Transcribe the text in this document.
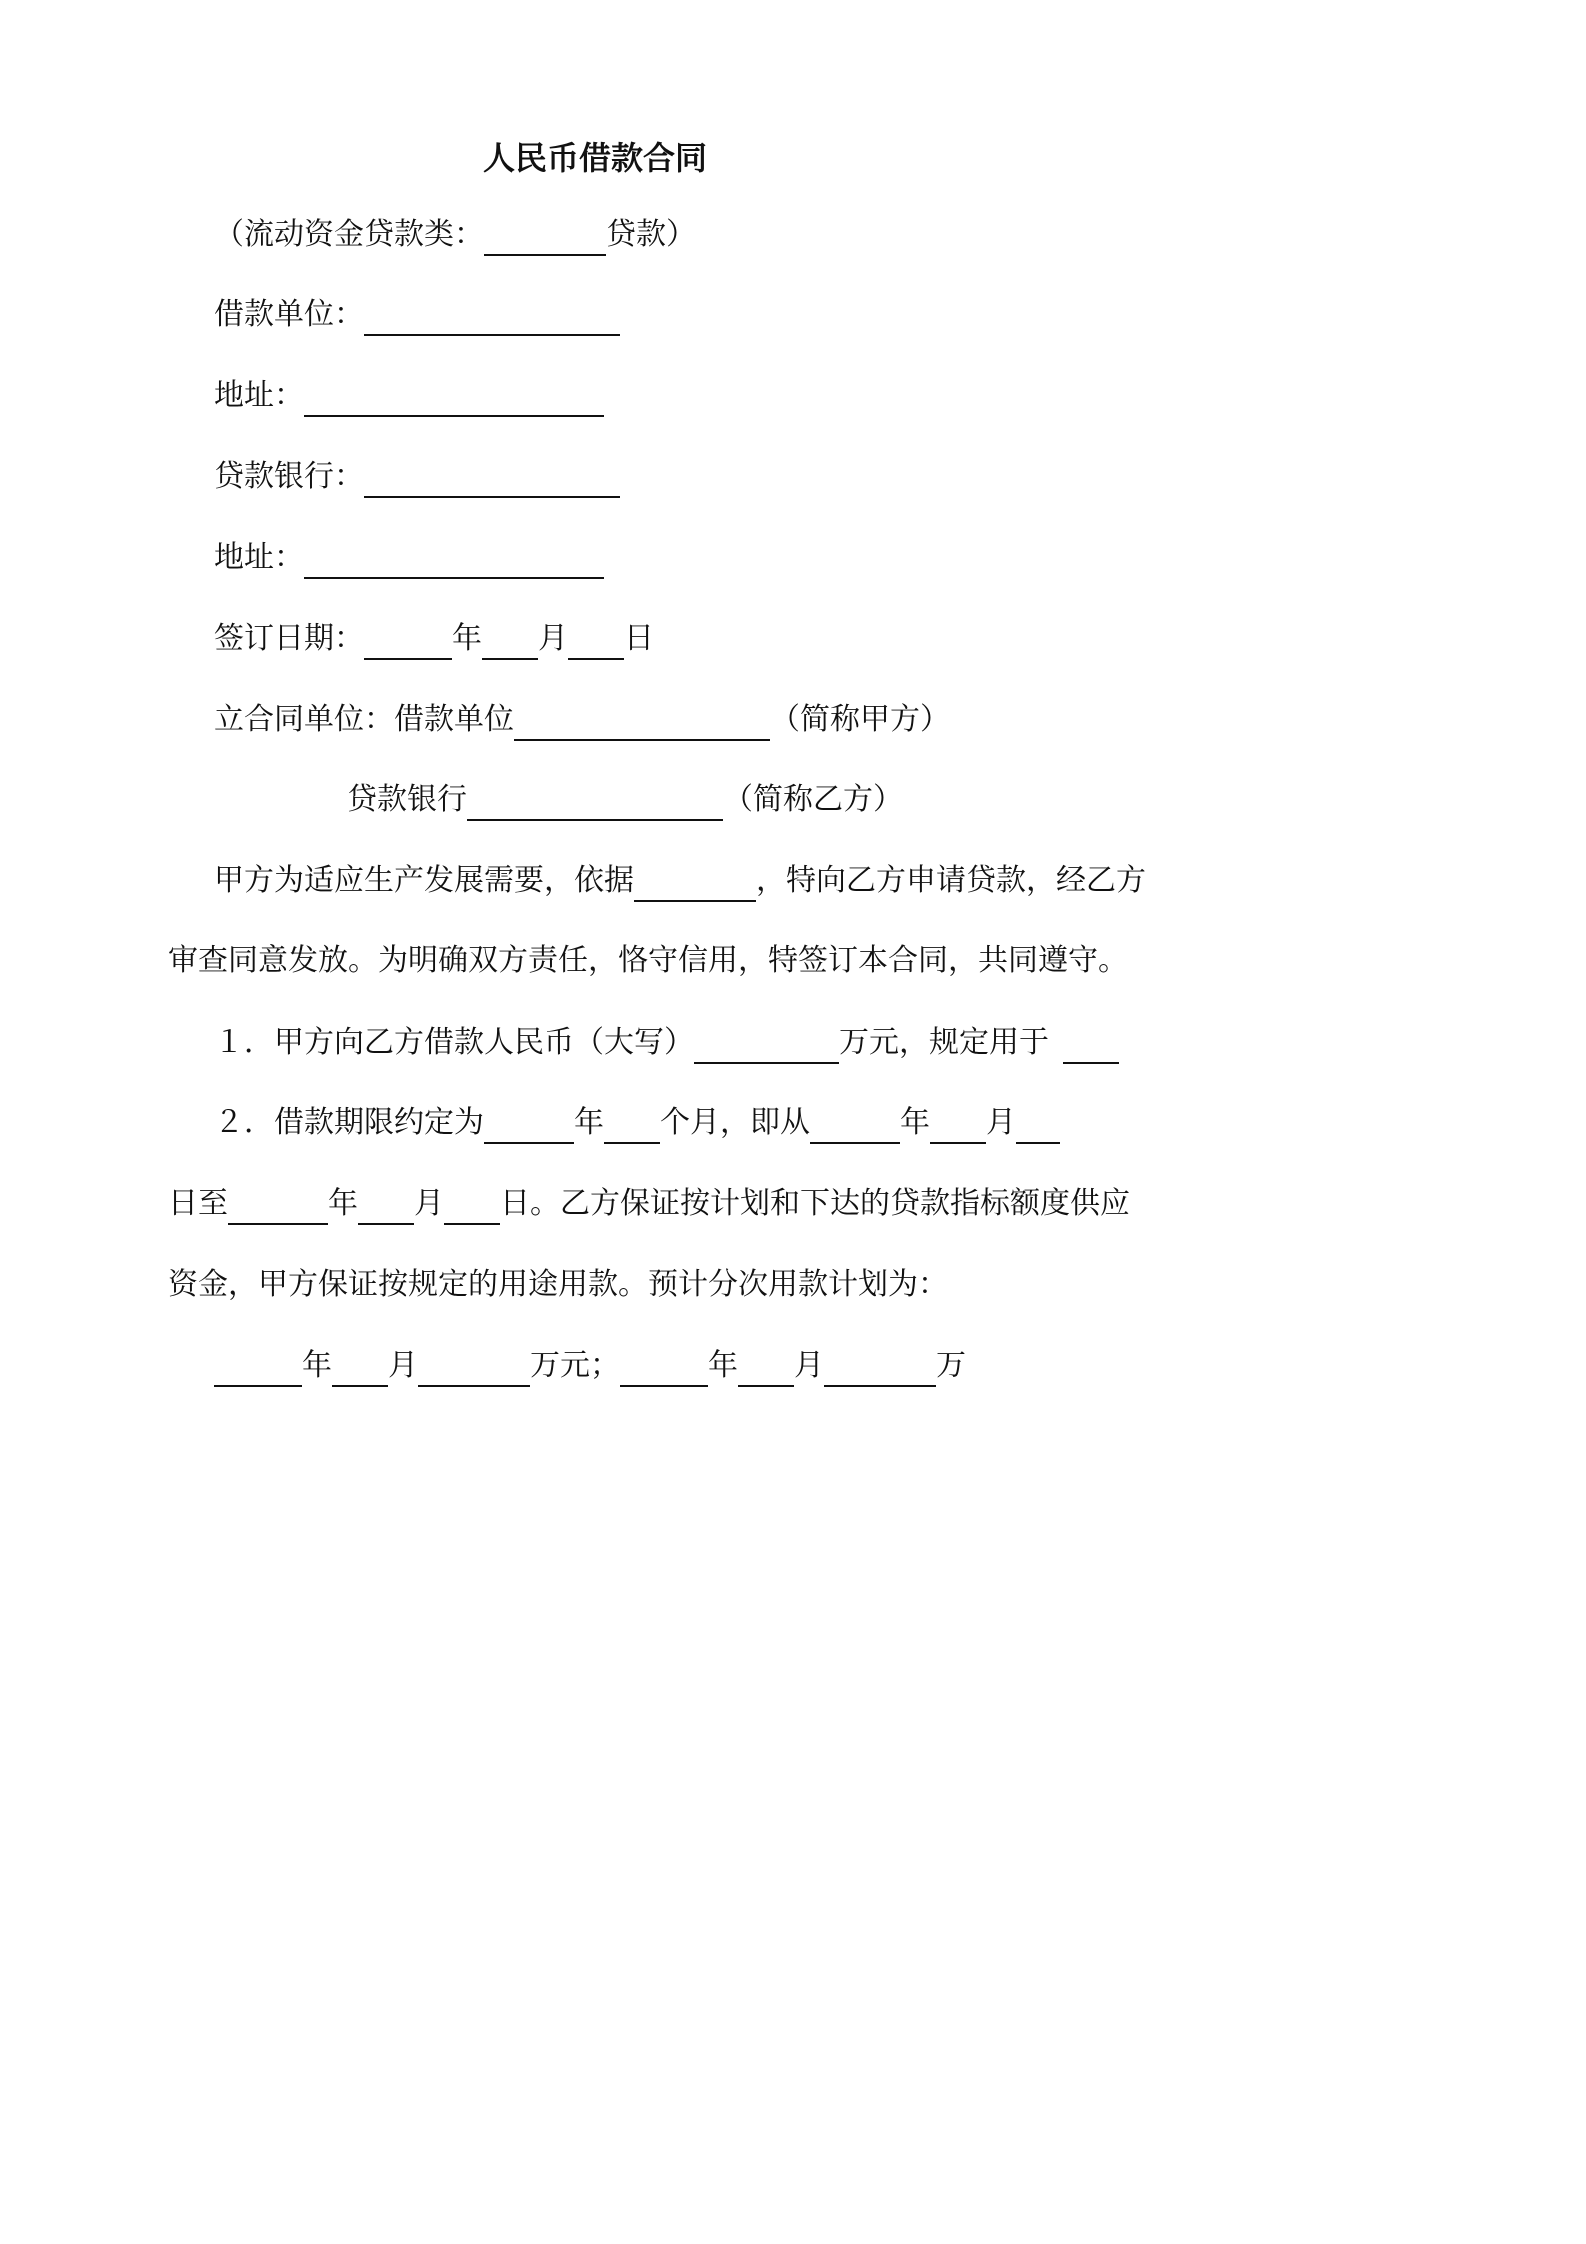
人民币借款合同
（流动资金贷款类：	贷款）
借款单位：
地址：
贷款银行：
地址：
签订日期：	年 月 日
立合同单位： 借款单位	（简称甲方）
贷款银行	（简称乙方）
甲方为适应生产发展需要，依据	，特向乙方申请贷款，经乙方
审查同意发放。为明确双方责任，恪守信用，特签订本合同，共同遵守。
１．甲方向乙方借款人民币（大写）	万元，规定用于
２．借款期限约定为	年 个月，即从	年 月
日至	年 月 日。乙方保证按计划和下达的贷款指标额度供应
资金，甲方保证按规定的用途用款。预计分次用款计划为：
年 月	万元；	年 月	万
